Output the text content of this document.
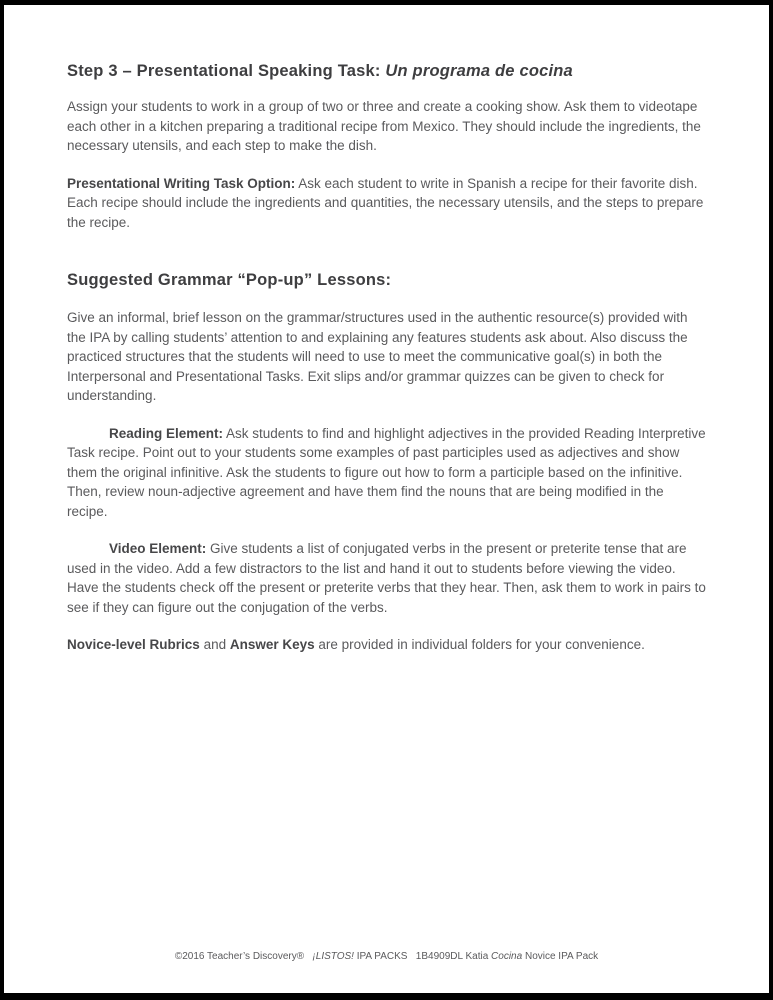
Step 3 – Presentational Speaking Task: Un programa de cocina

Assign your students to work in a group of two or three and create a cooking show. Ask them to videotape each other in a kitchen preparing a traditional recipe from Mexico. They should include the ingredients, the necessary utensils, and each step to make the dish.

Presentational Writing Task Option: Ask each student to write in Spanish a recipe for their favorite dish. Each recipe should include the ingredients and quantities, the necessary utensils, and the steps to prepare the recipe.

Suggested Grammar “Pop-up” Lessons:

Give an informal, brief lesson on the grammar/structures used in the authentic resource(s) provided with the IPA by calling students’ attention to and explaining any features students ask about. Also discuss the practiced structures that the students will need to use to meet the communicative goal(s) in both the Interpersonal and Presentational Tasks. Exit slips and/or grammar quizzes can be given to check for understanding.

Reading Element: Ask students to find and highlight adjectives in the provided Reading Interpretive Task recipe. Point out to your students some examples of past participles used as adjectives and show them the original infinitive. Ask the students to figure out how to form a participle based on the infinitive. Then, review noun-adjective agreement and have them find the nouns that are being modified in the recipe.

Video Element: Give students a list of conjugated verbs in the present or preterite tense that are used in the video. Add a few distractors to the list and hand it out to students before viewing the video. Have the students check off the present or preterite verbs that they hear. Then, ask them to work in pairs to see if they can figure out the conjugation of the verbs.

Novice-level Rubrics and Answer Keys are provided in individual folders for your convenience.

©2016 Teacher’s Discovery®   ¡LISTOS! IPA PACKS   1B4909DL Katia Cocina Novice IPA Pack
